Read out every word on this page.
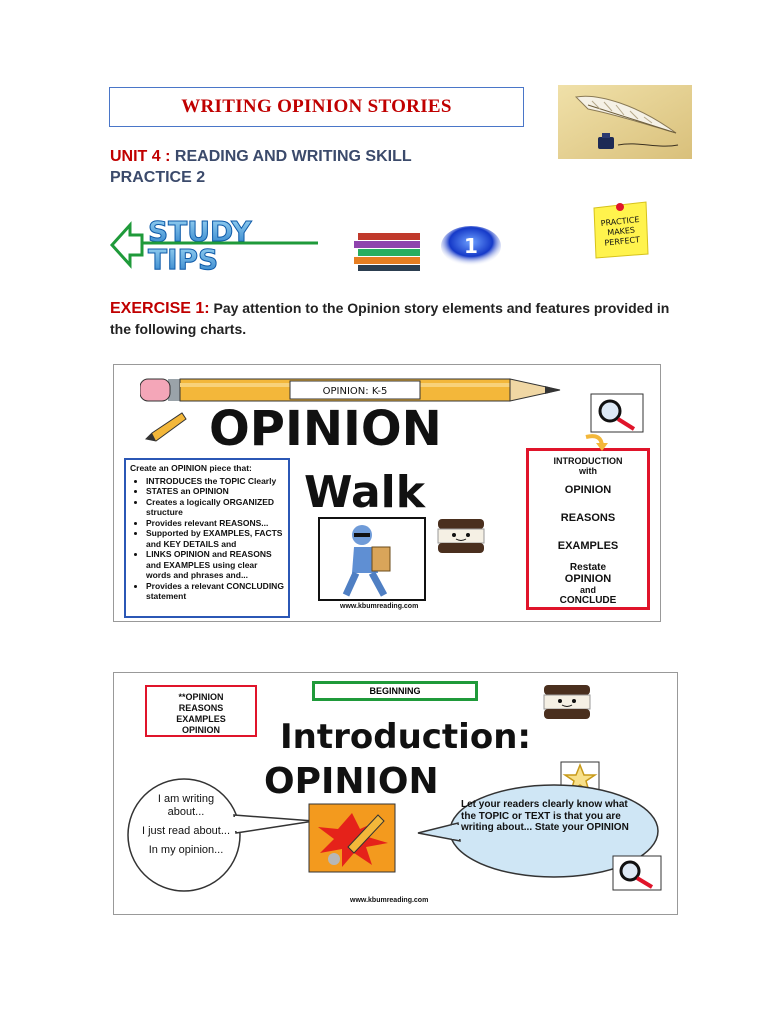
WRITING OPINION STORIES
UNIT 4 : READING AND WRITING SKILL
PRACTICE 2
STUDY
TIPS	1
PRACTICE
MAKES
PERFECT
EXERCISE 1: Pay attention to the Opinion story elements and features provided in the following charts.
OPINION: K-5
OPINION
Walk
Create an OPINION piece that:
• INTRODUCES the TOPIC Clearly
• STATES an OPINION
• Creates a logically ORGANIZED structure
• Provides relevant REASONS...
• Supported by EXAMPLES, FACTS and KEY DETAILS and
• LINKS OPINION and REASONS and EXAMPLES using clear words and phrases and...
• Provides a relevant CONCLUDING statement
www.kbumreading.com
INTRODUCTION
with
OPINION
REASONS
EXAMPLES
Restate
OPINION
and
CONCLUDE
**OPINION
REASONS
EXAMPLES
OPINION
BEGINNING
Introduction:
OPINION
I am writing about...
I just read about...
In my opinion...
Let your readers clearly know what the TOPIC or TEXT is that you are writing about... State your OPINION
www.kbumreading.com
